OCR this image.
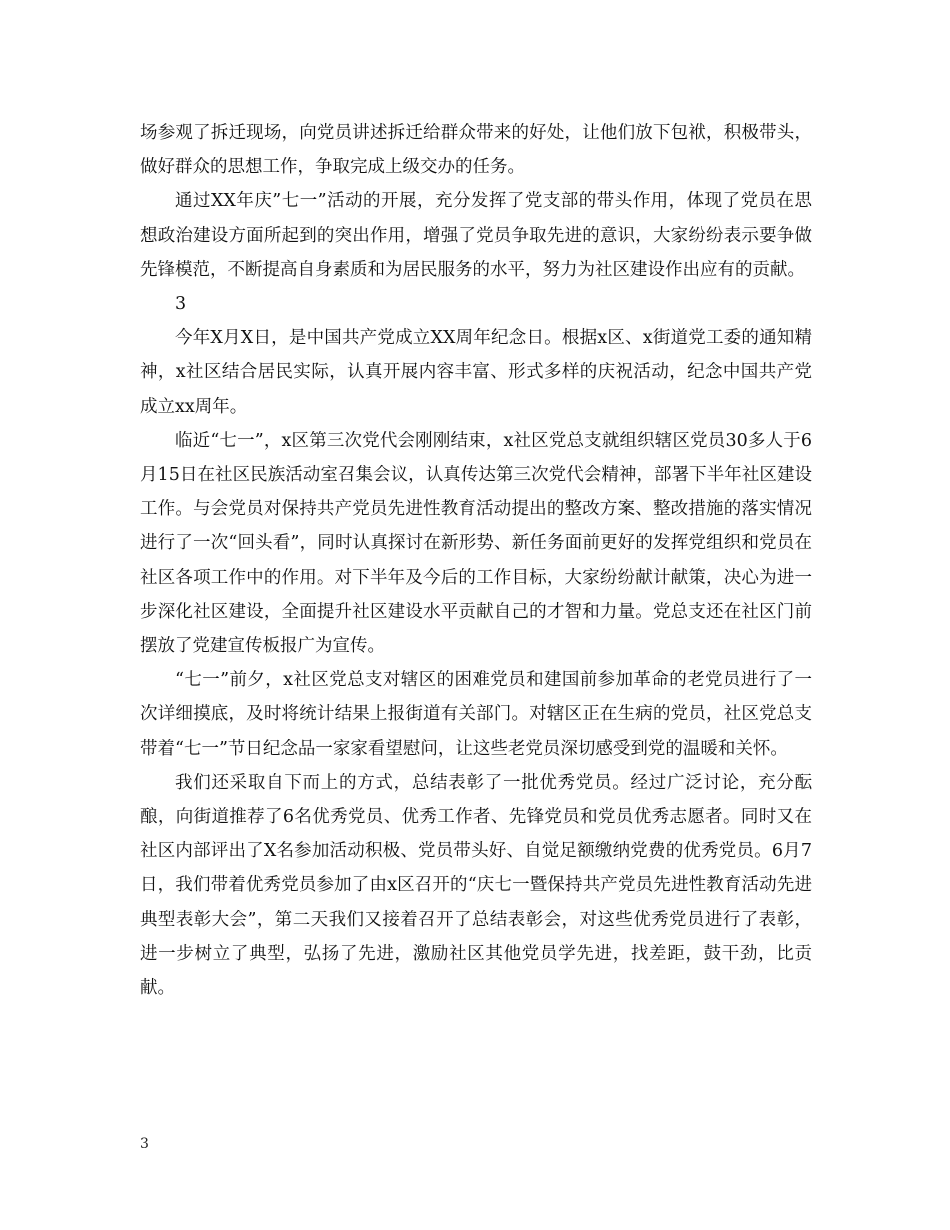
场参观了拆迁现场，向党员讲述拆迁给群众带来的好处，让他们放下包袱，积极带头，做好群众的思想工作，争取完成上级交办的任务。

通过XX年庆”七一”活动的开展，充分发挥了党支部的带头作用，体现了党员在思想政治建设方面所起到的突出作用，增强了党员争取先进的意识，大家纷纷表示要争做先锋模范，不断提高自身素质和为居民服务的水平，努力为社区建设作出应有的贡献。

3

今年X月X日，是中国共产党成立XX周年纪念日。根据x区、x街道党工委的通知精神，x社区结合居民实际，认真开展内容丰富、形式多样的庆祝活动，纪念中国共产党成立xx周年。

临近“七一”，x区第三次党代会刚刚结束，x社区党总支就组织辖区党员30多人于6月15日在社区民族活动室召集会议，认真传达第三次党代会精神，部署下半年社区建设工作。与会党员对保持共产党员先进性教育活动提出的整改方案、整改措施的落实情况进行了一次“回头看”，同时认真探讨在新形势、新任务面前更好的发挥党组织和党员在社区各项工作中的作用。对下半年及今后的工作目标，大家纷纷献计献策，决心为进一步深化社区建设，全面提升社区建设水平贡献自己的才智和力量。党总支还在社区门前摆放了党建宣传板报广为宣传。

“七一”前夕，x社区党总支对辖区的困难党员和建国前参加革命的老党员进行了一次详细摸底，及时将统计结果上报街道有关部门。对辖区正在生病的党员，社区党总支带着“七一”节日纪念品一家家看望慰问，让这些老党员深切感受到党的温暖和关怀。

我们还采取自下而上的方式，总结表彰了一批优秀党员。经过广泛讨论，充分酝酿，向街道推荐了6名优秀党员、优秀工作者、先锋党员和党员优秀志愿者。同时又在社区内部评出了X名参加活动积极、党员带头好、自觉足额缴纳党费的优秀党员。6月7日，我们带着优秀党员参加了由x区召开的“庆七一暨保持共产党员先进性教育活动先进典型表彰大会”，第二天我们又接着召开了总结表彰会，对这些优秀党员进行了表彰，进一步树立了典型，弘扬了先进，激励社区其他党员学先进，找差距，鼓干劲，比贡献。

3
